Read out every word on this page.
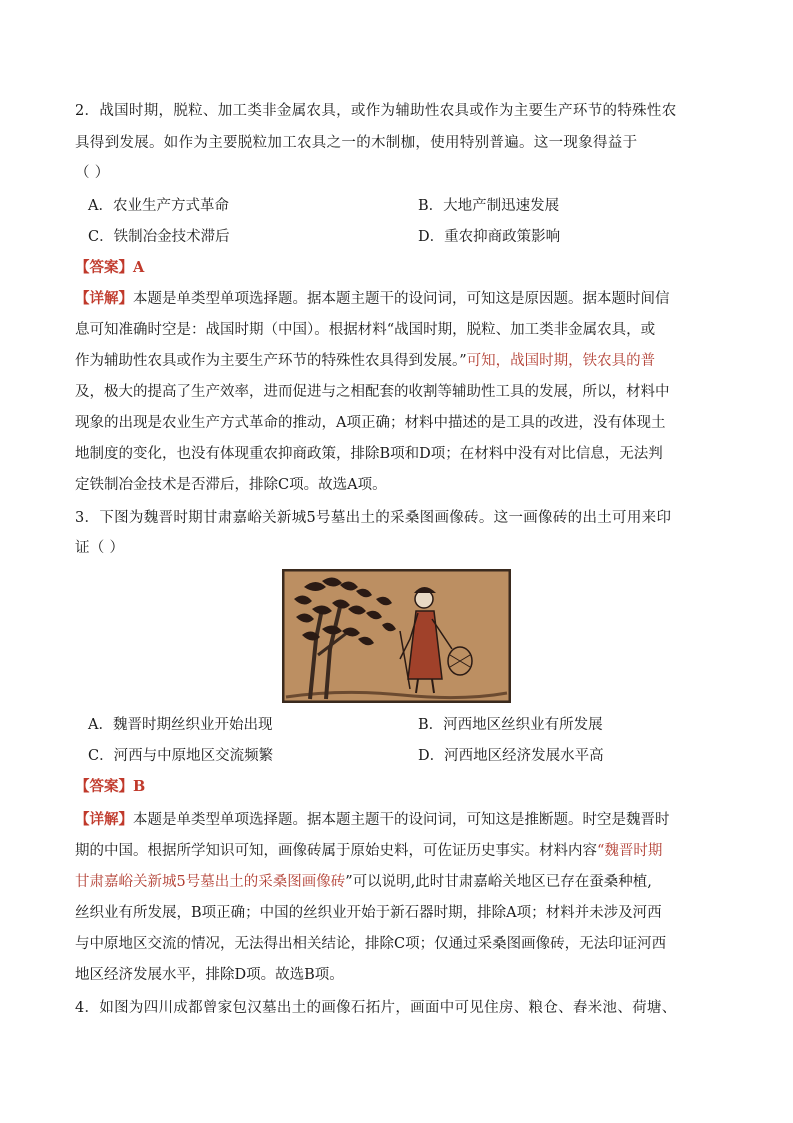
2．战国时期，脱粒、加工类非金属农具，或作为辅助性农具或作为主要生产环节的特殊性农
具得到发展。如作为主要脱粒加工农具之一的木制枷，使用特别普遍。这一现象得益于
（ ）
A．农业生产方式革命	B．大地产制迅速发展
C．铁制冶金技术滞后	D．重农抑商政策影响
【答案】A
【详解】本题是单类型单项选择题。据本题主题干的设问词，可知这是原因题。据本题时间信
息可知准确时空是：战国时期（中国）。根据材料“战国时期，脱粒、加工类非金属农具，或
作为辅助性农具或作为主要生产环节的特殊性农具得到发展。”可知，战国时期，铁农具的普
及，极大的提高了生产效率，进而促进与之相配套的收割等辅助性工具的发展，所以，材料中
现象的出现是农业生产方式革命的推动，A项正确；材料中描述的是工具的改进，没有体现土
地制度的变化，也没有体现重农抑商政策，排除B项和D项；在材料中没有对比信息，无法判
定铁制冶金技术是否滞后，排除C项。故选A项。
3．下图为魏晋时期甘肃嘉峪关新城5号墓出土的采桑图画像砖。这一画像砖的出土可用来印
证（ ）
A．魏晋时期丝织业开始出现	B．河西地区丝织业有所发展
C．河西与中原地区交流频繁	D．河西地区经济发展水平高
【答案】B
【详解】本题是单类型单项选择题。据本题主题干的设问词，可知这是推断题。时空是魏晋时
期的中国。根据所学知识可知，画像砖属于原始史料，可佐证历史事实。材料内容“魏晋时期
甘肃嘉峪关新城5号墓出土的采桑图画像砖”可以说明,此时甘肃嘉峪关地区已存在蚕桑种植,
丝织业有所发展，B项正确；中国的丝织业开始于新石器时期，排除A项；材料并未涉及河西
与中原地区交流的情况，无法得出相关结论，排除C项；仅通过采桑图画像砖，无法印证河西
地区经济发展水平，排除D项。故选B项。
4．如图为四川成都曾家包汉墓出土的画像石拓片，画面中可见住房、粮仓、舂米池、荷塘、
